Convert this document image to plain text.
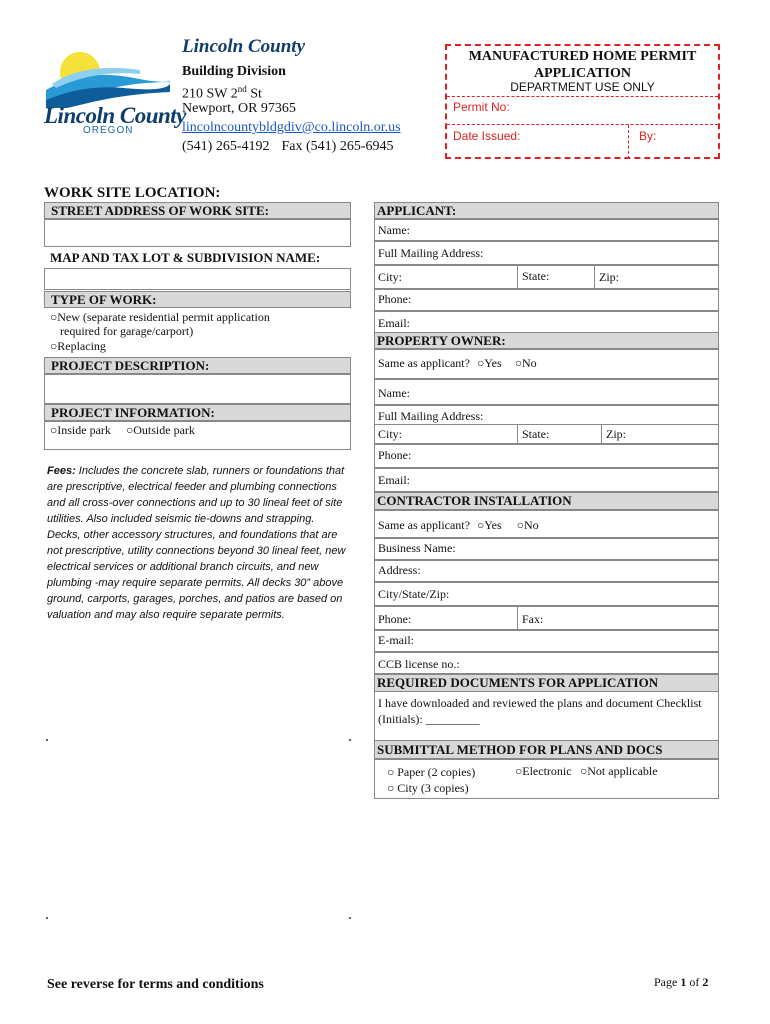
Lincoln County
OREGON
Lincoln County
Building Division
210 SW 2nd St
Newport, OR 97365
lincolncountybldgdiv@co.lincoln.or.us
(541) 265-4192 Fax (541) 265-6945
MANUFACTURED HOME PERMIT APPLICATION
DEPARTMENT USE ONLY
Permit No:
Date Issued:	By:
WORK SITE LOCATION:
STREET ADDRESS OF WORK SITE:
MAP AND TAX LOT & SUBDIVISION NAME:
TYPE OF WORK:
○New (separate residential permit application
required for garage/carport)
○Replacing
PROJECT DESCRIPTION:
PROJECT INFORMATION:
○Inside park ○Outside park
Fees: Includes the concrete slab, runners or foundations that are prescriptive, electrical feeder and plumbing connections and all cross-over connections and up to 30 lineal feet of site utilities. Also included seismic tie-downs and strapping. Decks, other accessory structures, and foundations that are not prescriptive, utility connections beyond 30 lineal feet, new electrical services or additional branch circuits, and new plumbing -may require separate permits. All decks 30” above ground, carports, garages, porches, and patios are based on valuation and may also require separate permits.
APPLICANT:
Name:
Full Mailing Address:
City:	State:	Zip:
Phone:
Email:
PROPERTY OWNER:
Same as applicant? ○Yes ○No
Name:
Full Mailing Address:
City:	State:	Zip:
Phone:
Email:
CONTRACTOR INSTALLATION
Same as applicant? ○Yes ○No
Business Name:
Address:
City/State/Zip:
Phone:	Fax:
E-mail:
CCB license no.:
REQUIRED DOCUMENTS FOR APPLICATION
I have downloaded and reviewed the plans and document Checklist
(Initials): _________
SUBMITTAL METHOD FOR PLANS AND DOCS
○ Paper (2 copies)
○ City (3 copies)
○Electronic ○Not applicable
See reverse for terms and conditions	Page 1 of 2
